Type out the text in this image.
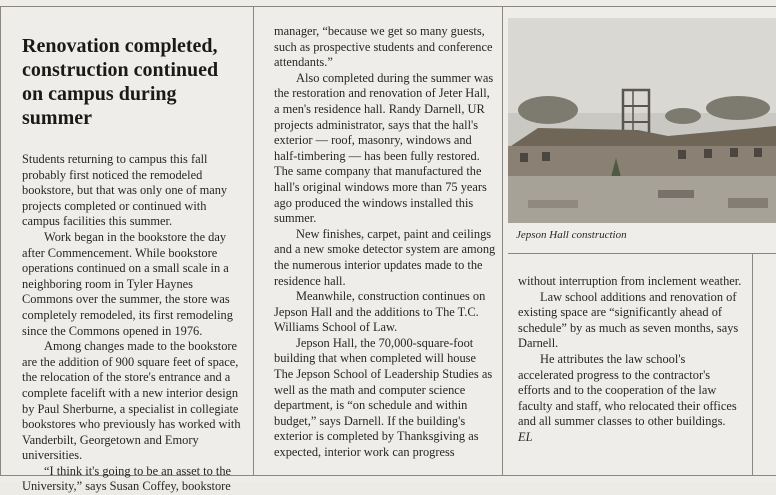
Renovation completed, construction continued on campus during summer

Students returning to campus this fall probably first noticed the remodeled bookstore, but that was only one of many projects completed or continued with campus facilities this summer.

Work began in the bookstore the day after Commencement. While bookstore operations continued on a small scale in a neighboring room in Tyler Haynes Commons over the summer, the store was completely remodeled, its first remodeling since the Commons opened in 1976.

Among changes made to the bookstore are the addition of 900 square feet of space, the relocation of the store's entrance and a complete facelift with a new interior design by Paul Sherburne, a specialist in collegiate bookstores who previously has worked with Vanderbilt, Georgetown and Emory universities.

“I think it's going to be an asset to the University,” says Susan Coffey, bookstore

manager, “because we get so many guests, such as prospective students and conference attendants.”

Also completed during the summer was the restoration and renovation of Jeter Hall, a men's residence hall. Randy Darnell, UR projects administrator, says that the hall's exterior — roof, masonry, windows and half-timbering — has been fully restored. The same company that manufactured the hall's original windows more than 75 years ago produced the windows installed this summer.

New finishes, carpet, paint and ceilings and a new smoke detector system are among the numerous interior updates made to the residence hall.

Meanwhile, construction continues on Jepson Hall and the additions to The T.C. Williams School of Law.

Jepson Hall, the 70,000-square-foot building that when completed will house The Jepson School of Leadership Studies as well as the math and computer science department, is “on schedule and within budget,” says Darnell. If the building's exterior is completed by Thanksgiving as expected, interior work can progress

Jepson Hall construction

without interruption from inclement weather.

Law school additions and renovation of existing space are “significantly ahead of schedule” by as much as seven months, says Darnell.

He attributes the law school's accelerated progress to the contractor's efforts and to the cooperation of the law faculty and staff, who relocated their offices and all summer classes to other buildings.

EL
